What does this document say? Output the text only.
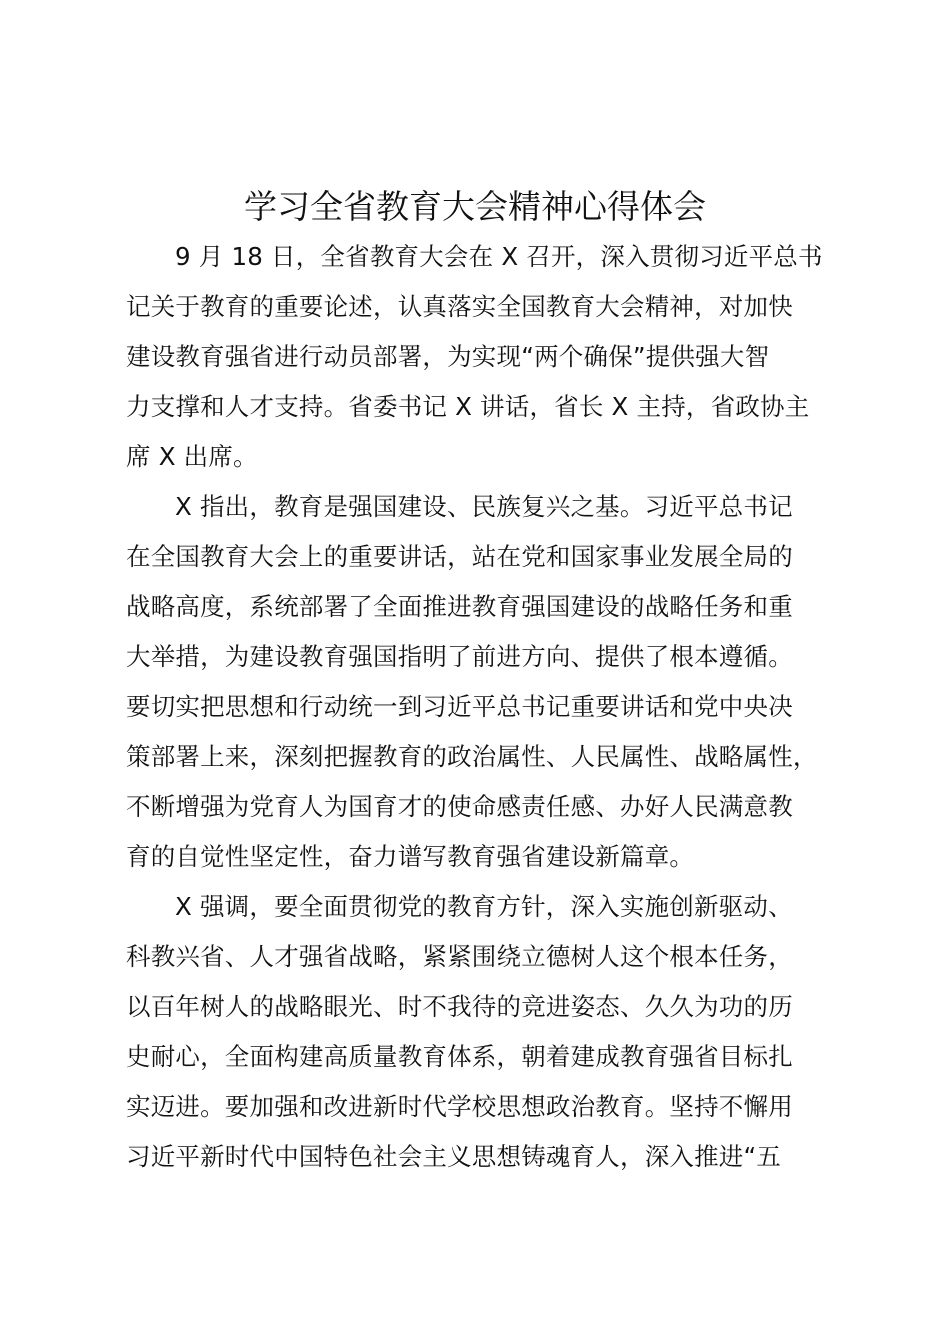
学习全省教育大会精神心得体会
9 月 18 日，全省教育大会在 X 召开，深入贯彻习近平总书
记关于教育的重要论述，认真落实全国教育大会精神，对加快
建设教育强省进行动员部署，为实现“两个确保”提供强大智
力支撑和人才支持。省委书记 X 讲话，省长 X 主持，省政协主
席 X 出席。
X 指出，教育是强国建设、民族复兴之基。习近平总书记
在全国教育大会上的重要讲话，站在党和国家事业发展全局的
战略高度，系统部署了全面推进教育强国建设的战略任务和重
大举措，为建设教育强国指明了前进方向、提供了根本遵循。
要切实把思想和行动统一到习近平总书记重要讲话和党中央决
策部署上来，深刻把握教育的政治属性、人民属性、战略属性，
不断增强为党育人为国育才的使命感责任感、办好人民满意教
育的自觉性坚定性，奋力谱写教育强省建设新篇章。
X 强调，要全面贯彻党的教育方针，深入实施创新驱动、
科教兴省、人才强省战略，紧紧围绕立德树人这个根本任务，
以百年树人的战略眼光、时不我待的竞进姿态、久久为功的历
史耐心，全面构建高质量教育体系，朝着建成教育强省目标扎
实迈进。要加强和改进新时代学校思想政治教育。坚持不懈用
习近平新时代中国特色社会主义思想铸魂育人，深入推进“五
